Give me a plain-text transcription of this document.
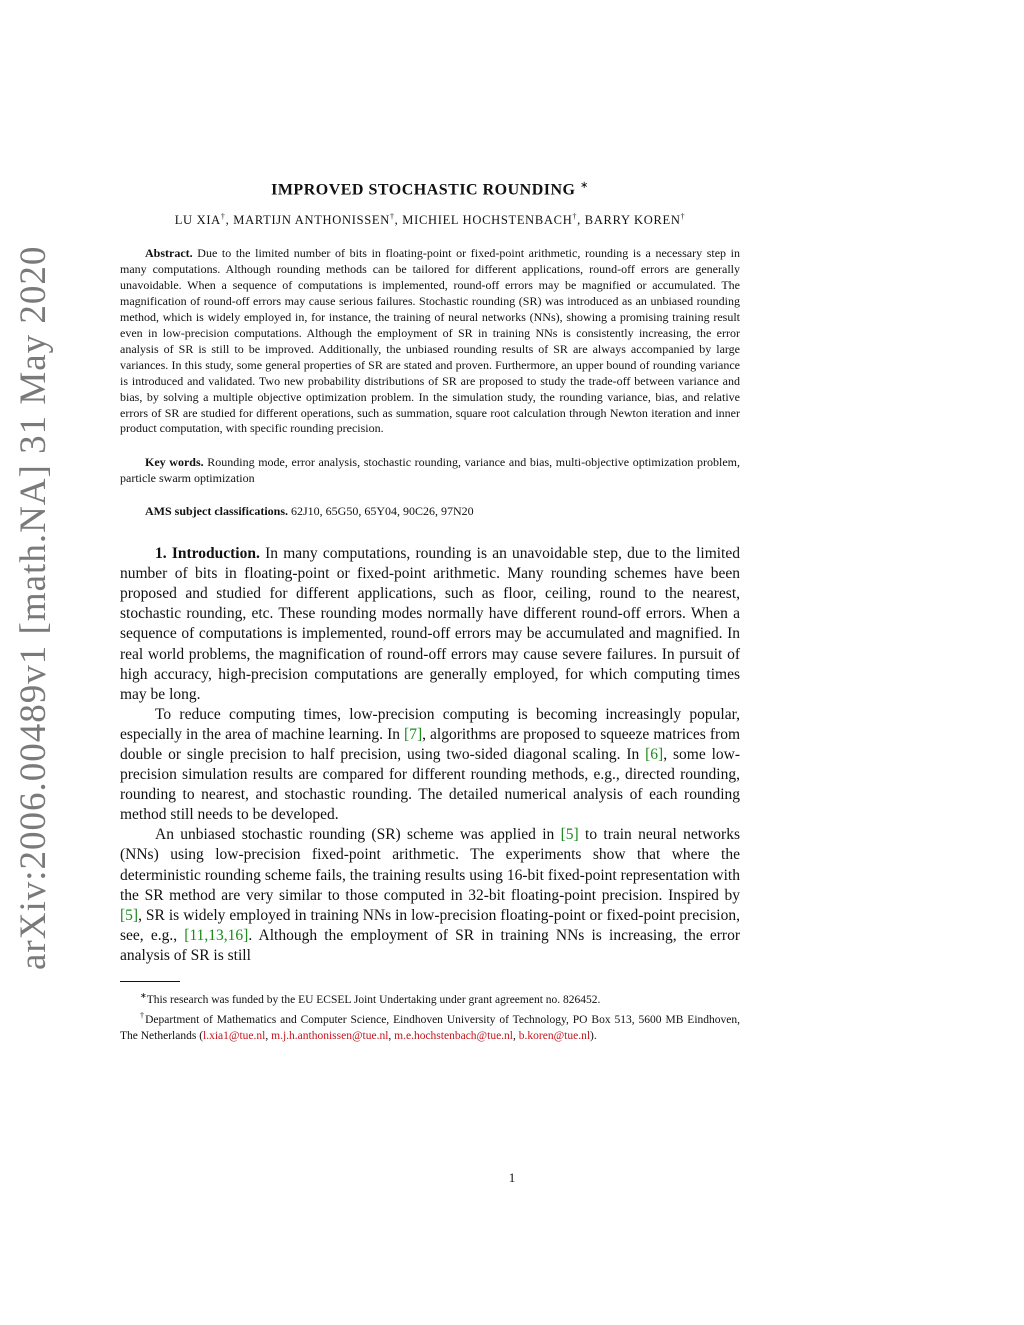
arXiv:2006.00489v1 [math.NA] 31 May 2020
IMPROVED STOCHASTIC ROUNDING ∗
LU XIA†, MARTIJN ANTHONISSEN†, MICHIEL HOCHSTENBACH†, BARRY KOREN†

Abstract. Due to the limited number of bits in floating-point or fixed-point arithmetic, rounding is a necessary step in many computations. Although rounding methods can be tailored for different applications, round-off errors are generally unavoidable. When a sequence of computations is implemented, round-off errors may be magnified or accumulated. The magnification of round-off errors may cause serious failures. Stochastic rounding (SR) was introduced as an unbiased rounding method, which is widely employed in, for instance, the training of neural networks (NNs), showing a promising training result even in low-precision computations. Although the employment of SR in training NNs is consistently increasing, the error analysis of SR is still to be improved. Additionally, the unbiased rounding results of SR are always accompanied by large variances. In this study, some general properties of SR are stated and proven. Furthermore, an upper bound of rounding variance is introduced and validated. Two new probability distributions of SR are proposed to study the trade-off between variance and bias, by solving a multiple objective optimization problem. In the simulation study, the rounding variance, bias, and relative errors of SR are studied for different operations, such as summation, square root calculation through Newton iteration and inner product computation, with specific rounding precision.

Key words. Rounding mode, error analysis, stochastic rounding, variance and bias, multi-objective optimization problem, particle swarm optimization

AMS subject classifications. 62J10, 65G50, 65Y04, 90C26, 97N20

1. Introduction. In many computations, rounding is an unavoidable step, due to the limited number of bits in floating-point or fixed-point arithmetic. Many rounding schemes have been proposed and studied for different applications, such as floor, ceiling, round to the nearest, stochastic rounding, etc. These rounding modes normally have different round-off errors. When a sequence of computations is implemented, round-off errors may be accumulated and magnified. In real world problems, the magnification of round-off errors may cause severe failures. In pursuit of high accuracy, high-precision computations are generally employed, for which computing times may be long.

To reduce computing times, low-precision computing is becoming increasingly popular, especially in the area of machine learning. In [7], algorithms are proposed to squeeze matrices from double or single precision to half precision, using two-sided diagonal scaling. In [6], some low-precision simulation results are compared for different rounding methods, e.g., directed rounding, rounding to nearest, and stochastic rounding. The detailed numerical analysis of each rounding method still needs to be developed.

An unbiased stochastic rounding (SR) scheme was applied in [5] to train neural networks (NNs) using low-precision fixed-point arithmetic. The experiments show that where the deterministic rounding scheme fails, the training results using 16-bit fixed-point representation with the SR method are very similar to those computed in 32-bit floating-point precision. Inspired by [5], SR is widely employed in training NNs in low-precision floating-point or fixed-point precision, see, e.g., [11,13,16]. Although the employment of SR in training NNs is increasing, the error analysis of SR is still

∗This research was funded by the EU ECSEL Joint Undertaking under grant agreement no. 826452.

†Department of Mathematics and Computer Science, Eindhoven University of Technology, PO Box 513, 5600 MB Eindhoven, The Netherlands (l.xia1@tue.nl, m.j.h.anthonissen@tue.nl, m.e.hochstenbach@tue.nl, b.koren@tue.nl).

1
